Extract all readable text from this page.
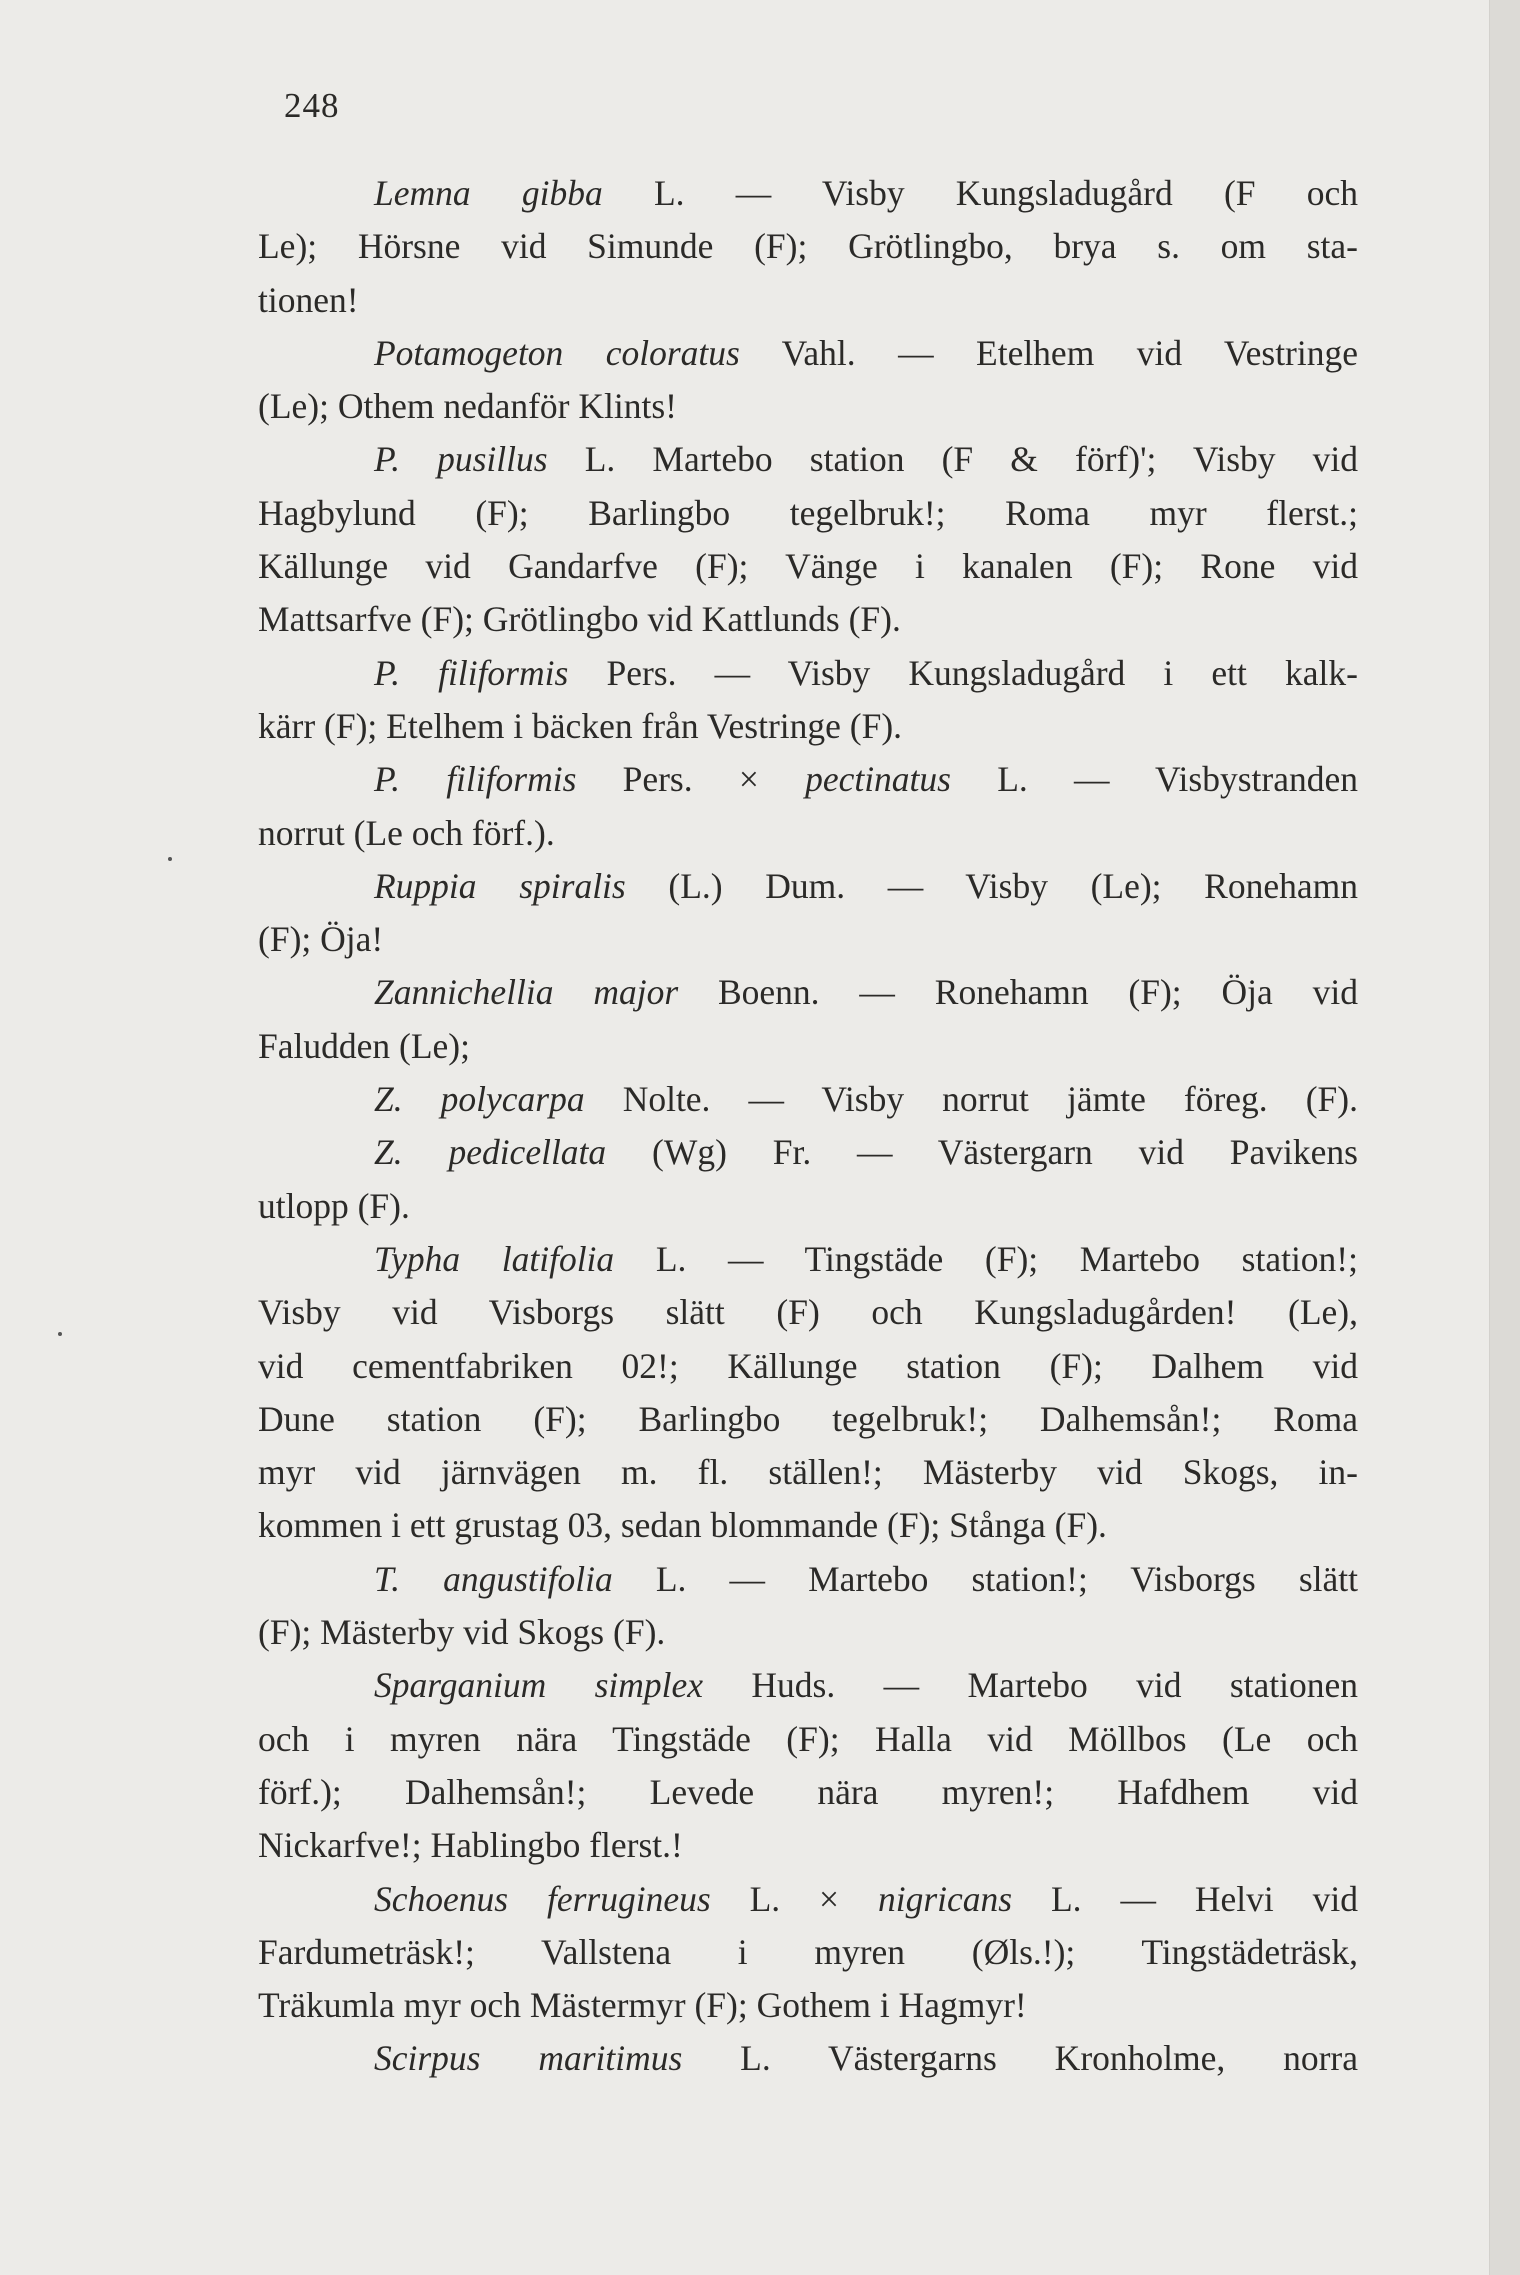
248
Lemna gibba L. — Visby Kungsladugård (F och
Le); Hörsne vid Simunde (F); Grötlingbo, brya s. om sta-
tionen!
Potamogeton coloratus Vahl. — Etelhem vid Vestringe
(Le); Othem nedanför Klints!
P. pusillus L. Martebo station (F & förf)'; Visby vid
Hagbylund (F); Barlingbo tegelbruk!; Roma myr flerst.;
Källunge vid Gandarfve (F); Vänge i kanalen (F); Rone vid
Mattsarfve (F); Grötlingbo vid Kattlunds (F).
P. filiformis Pers. — Visby Kungsladugård i ett kalk-
kärr (F); Etelhem i bäcken från Vestringe (F).
P. filiformis Pers. × pectinatus L. — Visbystranden
norrut (Le och förf.).
Ruppia spiralis (L.) Dum. — Visby (Le); Ronehamn
(F); Öja!
Zannichellia major Boenn. — Ronehamn (F); Öja vid
Faludden (Le);
Z. polycarpa Nolte. — Visby norrut jämte föreg. (F).
Z. pedicellata (Wg) Fr. — Västergarn vid Pavikens
utlopp (F).
Typha latifolia L. — Tingstäde (F); Martebo station!;
Visby vid Visborgs slätt (F) och Kungsladugården! (Le),
vid cementfabriken 02!; Källunge station (F); Dalhem vid
Dune station (F); Barlingbo tegelbruk!; Dalhemsån!; Roma
myr vid järnvägen m. fl. ställen!; Mästerby vid Skogs, in-
kommen i ett grustag 03, sedan blommande (F); Stånga (F).
T. angustifolia L. — Martebo station!; Visborgs slätt
(F); Mästerby vid Skogs (F).
Sparganium simplex Huds. — Martebo vid stationen
och i myren nära Tingstäde (F); Halla vid Möllbos (Le och
förf.); Dalhemsån!; Levede nära myren!; Hafdhem vid
Nickarfve!; Hablingbo flerst.!
Schoenus ferrugineus L. × nigricans L. — Helvi vid
Fardumeträsk!; Vallstena i myren (Øls.!); Tingstädeträsk,
Träkumla myr och Mästermyr (F); Gothem i Hagmyr!
Scirpus maritimus L. Västergarns Kronholme, norra
